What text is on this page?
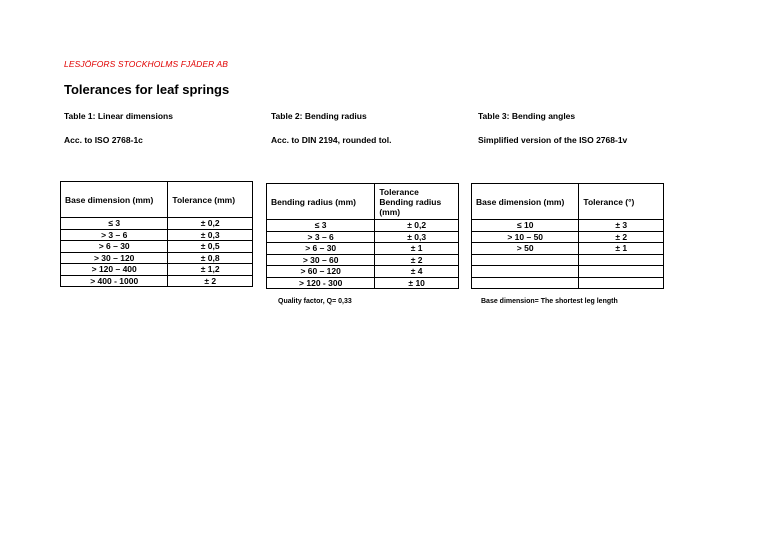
LESJÖFORS STOCKHOLMS FJÄDER AB
Tolerances for leaf springs
Table 1: Linear dimensions
Acc. to ISO 2768-1c
Table 2: Bending radius
Acc. to DIN 2194, rounded tol.
Table 3: Bending angles
Simplified version of the ISO 2768-1v
Base dimension (mm)	Tolerance (mm)
≤ 3	± 0,2
> 3 – 6	± 0,3
> 6 – 30	± 0,5
> 30 – 120	± 0,8
> 120 – 400	± 1,2
> 400 - 1000	± 2
Bending radius (mm)	Tolerance Bending radius (mm)
≤ 3	± 0,2
> 3 – 6	± 0,3
> 6 – 30	± 1
> 30 – 60	± 2
> 60 – 120	± 4
> 120 - 300	± 10
Quality factor, Q= 0,33
Base dimension (mm)	Tolerance (°)
≤ 10	± 3
> 10 – 50	± 2
> 50	± 1

Base dimension= The shortest leg length
